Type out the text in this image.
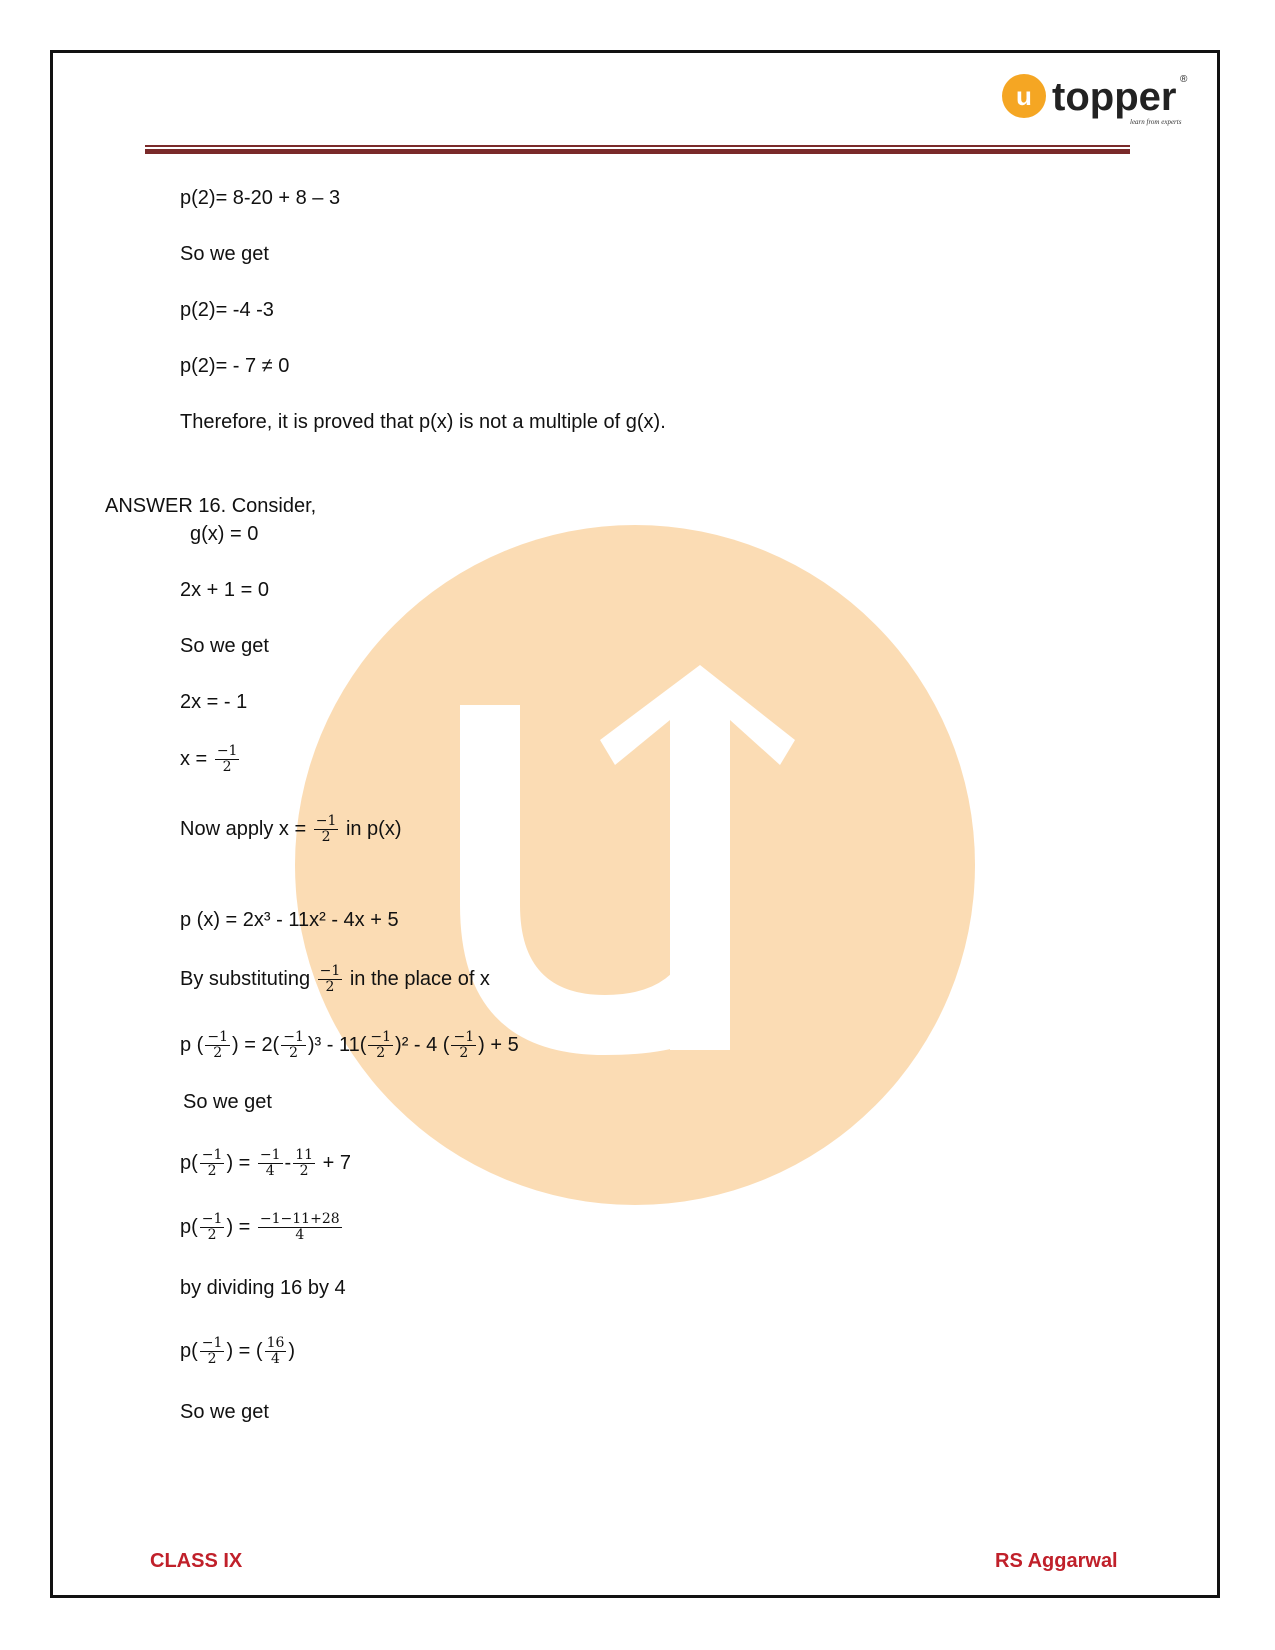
u topper ®
learn from experts
p(2)= 8-20 + 8 – 3
So we get
p(2)= -4 -3
p(2)= - 7 ≠ 0
Therefore, it is proved that p(x) is not a multiple of g(x).
ANSWER 16. Consider,
g(x) = 0
2x + 1 = 0
So we get
2x = - 1
$x = \frac{-1}{2}$
Now apply $x = \frac{-1}{2}$ in p(x)
p (x) = 2x³ - 11x² - 4x + 5
By substituting $\frac{-1}{2}$ in the place of x
p ( $\frac{-1}{2}$ ) = $2( \frac{-1}{2} )^3 - 11( \frac{-1}{2} )^2 - 4$ ( $\frac{-1}{2}$ ) + 5
So we get
$p( \frac{-1}{2}$ ) = $\frac{-1}{4} - \frac{11}{2} + 7$
$p( \frac{-1}{2}$ ) = $\frac{-1-11+28}{4}$
by dividing 16 by 4
$p( \frac{-1}{2}$ ) = ( $\frac{16}{4}$ )
So we get
CLASS IX	RS Aggarwal
